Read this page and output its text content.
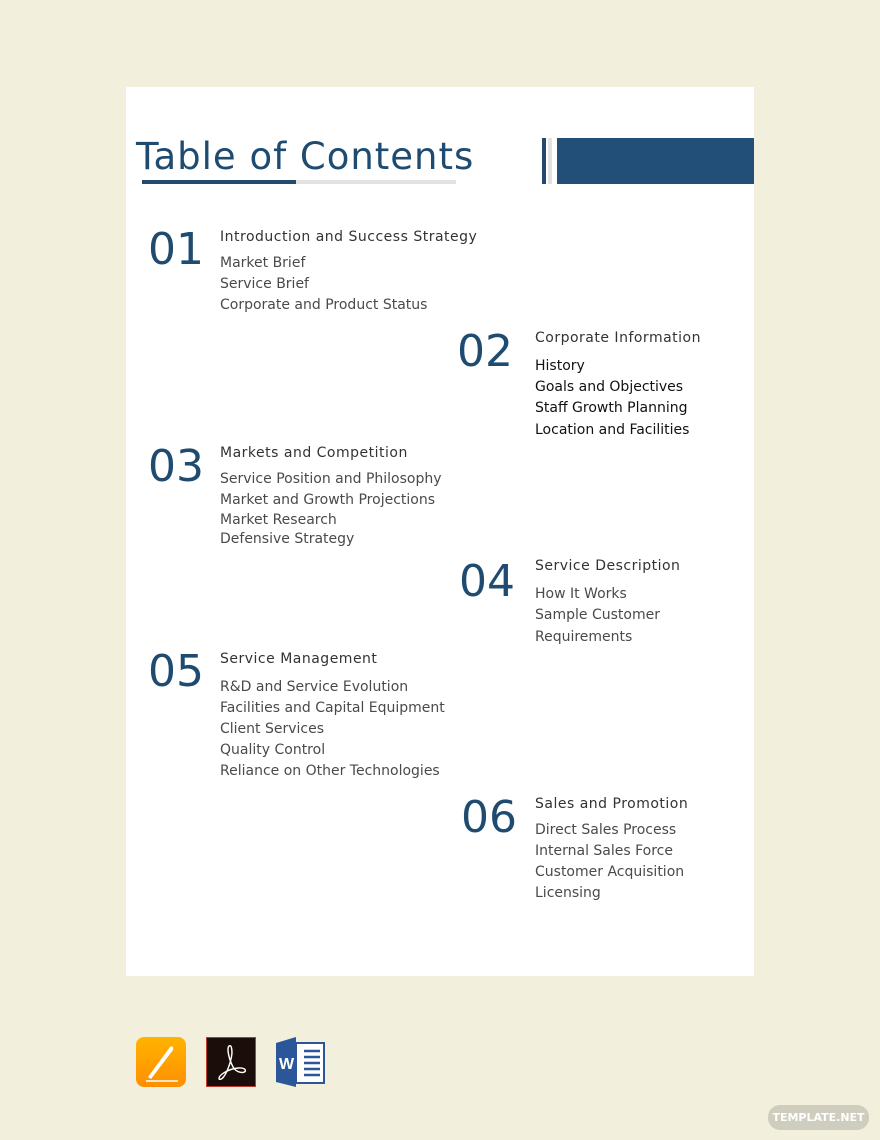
Table of Contents
01 Introduction and Success Strategy
Market Brief
Service Brief
Corporate and Product Status
02 Corporate Information
History
Goals and Objectives
Staff Growth Planning
Location and Facilities
03 Markets and Competition
Service Position and Philosophy
Market and Growth Projections
Market Research
Defensive Strategy
04 Service Description
How It Works
Sample Customer
Requirements
05 Service Management
R&D and Service Evolution
Facilities and Capital Equipment
Client Services
Quality Control
Reliance on Other Technologies
06 Sales and Promotion
Direct Sales Process
Internal Sales Force
Customer Acquisition
Licensing
W
TEMPLATE.NET
